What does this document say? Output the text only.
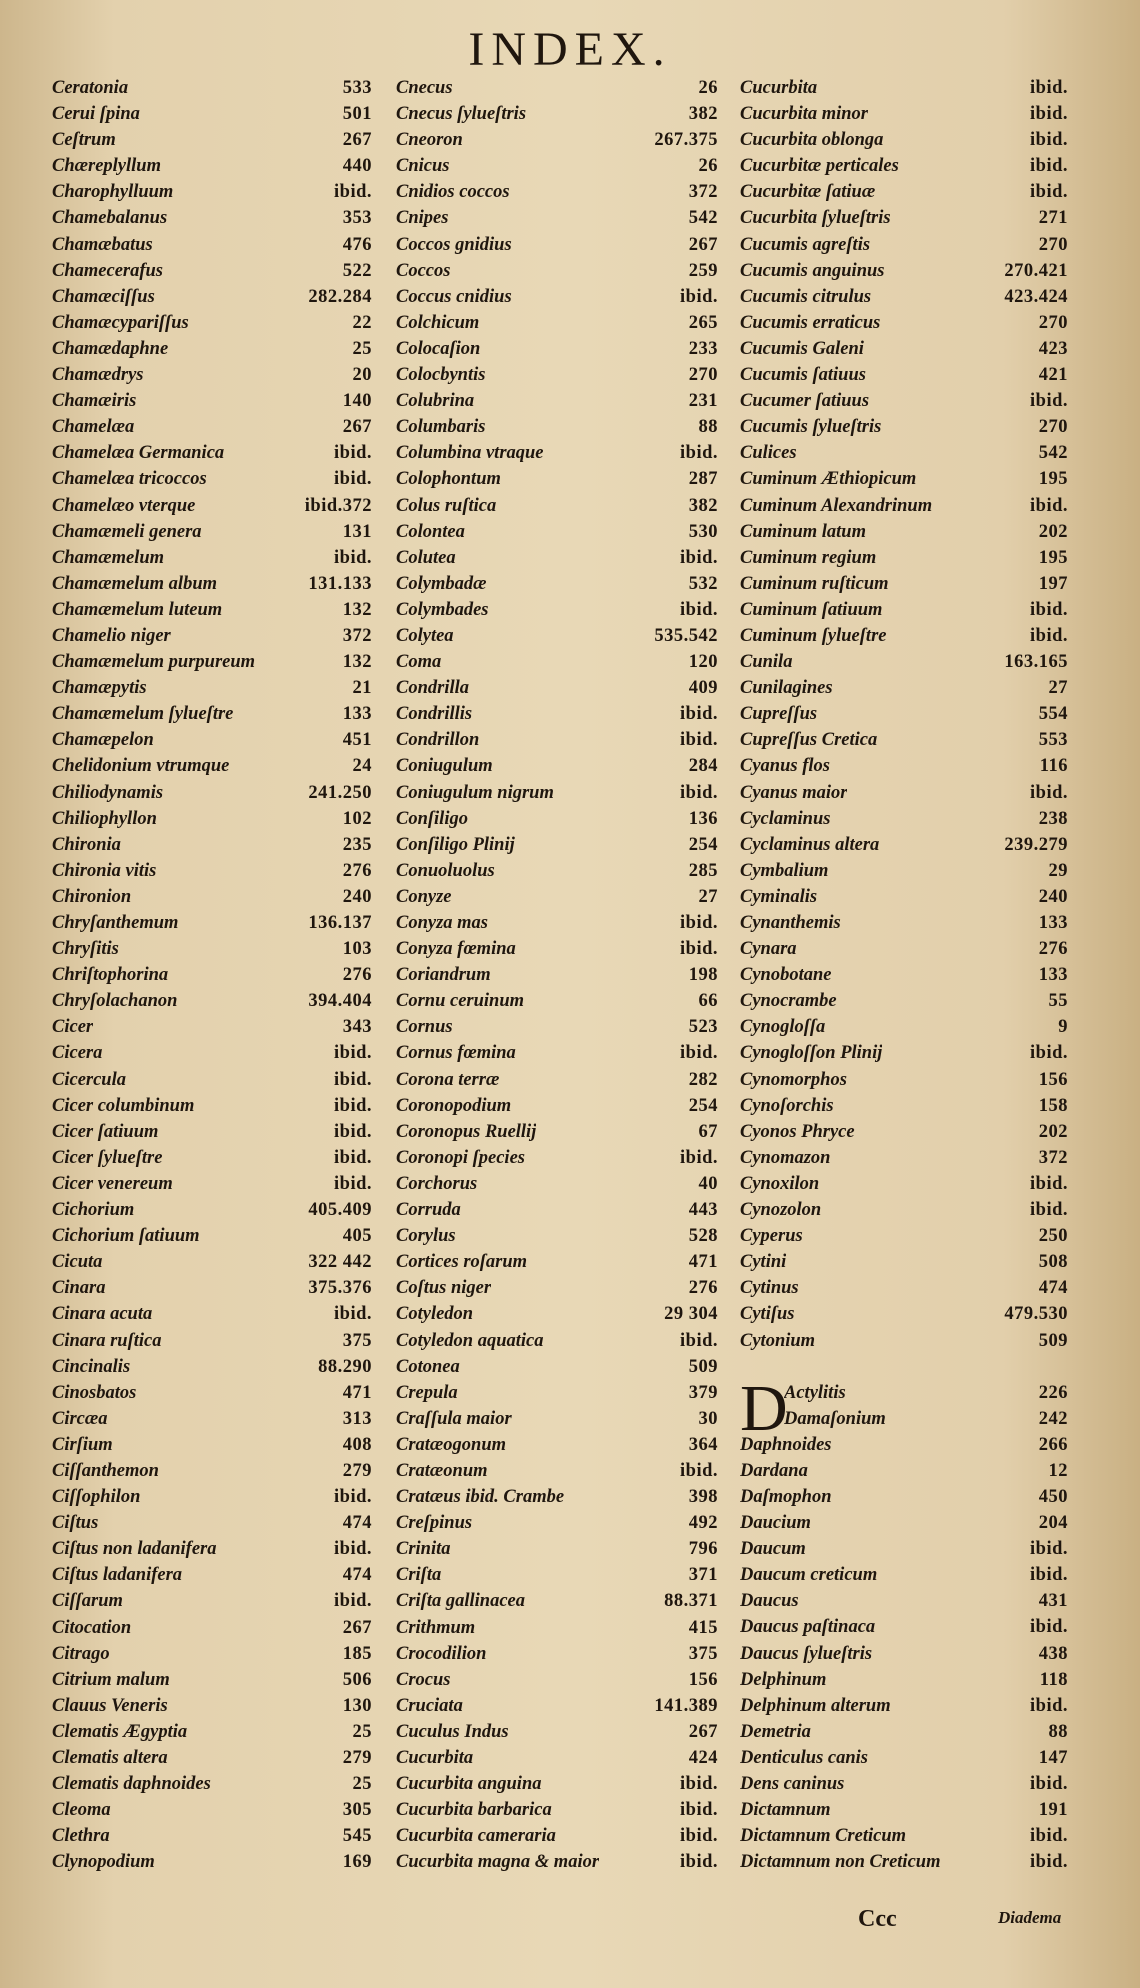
INDEX.
Ceratonia	533
Cerui ſpina	501
Ceſtrum	267
Chæreplyllum	440
Charophylluum	ibid.
Chamebalanus	353
Chamæbatus	476
Chamecerafus	522
Chamæciſſus	282.284
Chamæcypariſſus	22
Chamædaphne	25
Chamædrys	20
Chamæiris	140
Chamelæa	267
Chamelæa Germanica	ibid.
Chamelæa tricoccos	ibid.
Chamelæo vterque	ibid.372
Chamæmeli genera	131
Chamæmelum	ibid.
Chamæmelum album	131.133
Chamæmelum luteum	132
Chamelio niger	372
Chamæmelum purpureum	132
Chamæpytis	21
Chamæmelum ſylueſtre	133
Chamæpelon	451
Chelidonium vtrumque	24
Chiliodynamis	241.250
Chiliophyllon	102
Chironia	235
Chironia vitis	276
Chironion	240
Chryſanthemum	136.137
Chryſitis	103
Chriſtophorina	276
Chryſolachanon	394.404
Cicer	343
Cicera	ibid.
Cicercula	ibid.
Cicer columbinum	ibid.
Cicer ſatiuum	ibid.
Cicer ſylueſtre	ibid.
Cicer venereum	ibid.
Cichorium	405.409
Cichorium ſatiuum	405
Cicuta	322 442
Cinara	375.376
Cinara acuta	ibid.
Cinara ruſtica	375
Cincinalis	88.290
Cinosbatos	471
Circæa	313
Cirſium	408
Ciſſanthemon	279
Ciſſophilon	ibid.
Ciſtus	474
Ciſtus non ladanifera	ibid.
Ciſtus ladanifera	474
Ciſſarum	ibid.
Citocation	267
Citrago	185
Citrium malum	506
Clauus Veneris	130
Clematis Ægyptia	25
Clematis altera	279
Clematis daphnoides	25
Cleoma	305
Clethra	545
Clynopodium	169
Cnecus	26
Cnecus ſylueſtris	382
Cneoron	267.375
Cnicus	26
Cnidios coccos	372
Cnipes	542
Coccos gnidius	267
Coccos	259
Coccus cnidius	ibid.
Colchicum	265
Colocaſion	233
Colocbyntis	270
Colubrina	231
Columbaris	88
Columbina vtraque	ibid.
Colophontum	287
Colus ruſtica	382
Colontea	530
Colutea	ibid.
Colymbadæ	532
Colymbades	ibid.
Colytea	535.542
Coma	120
Condrilla	409
Condrillis	ibid.
Condrillon	ibid.
Coniugulum	284
Coniugulum nigrum	ibid.
Conſiligo	136
Conſiligo Plinij	254
Conuoluolus	285
Conyze	27
Conyza mas	ibid.
Conyza fœmina	ibid.
Coriandrum	198
Cornu ceruinum	66
Cornus	523
Cornus fœmina	ibid.
Corona terræ	282
Coronopodium	254
Coronopus Ruellij	67
Coronopi ſpecies	ibid.
Corchorus	40
Corruda	443
Corylus	528
Cortices roſarum	471
Coſtus niger	276
Cotyledon	29 304
Cotyledon aquatica	ibid.
Cotonea	509
Crepula	379
Craſſula maior	30
Cratæogonum	364
Cratæonum	ibid.
Cratæus ibid. Crambe	398
Creſpinus	492
Crinita	796
Criſta	371
Criſta gallinacea	88.371
Crithmum	415
Crocodilion	375
Crocus	156
Cruciata	141.389
Cuculus Indus	267
Cucurbita	424
Cucurbita anguina	ibid.
Cucurbita barbarica	ibid.
Cucurbita cameraria	ibid.
Cucurbita magna & maior	ibid.
Cucurbita	ibid.
Cucurbita minor	ibid.
Cucurbita oblonga	ibid.
Cucurbitæ perticales	ibid.
Cucurbitæ ſatiuæ	ibid.
Cucurbita ſylueſtris	271
Cucumis agreſtis	270
Cucumis anguinus	270.421
Cucumis citrulus	423.424
Cucumis erraticus	270
Cucumis Galeni	423
Cucumis ſatiuus	421
Cucumer ſatiuus	ibid.
Cucumis ſylueſtris	270
Culices	542
Cuminum Æthiopicum	195
Cuminum Alexandrinum	ibid.
Cuminum latum	202
Cuminum regium	195
Cuminum ruſticum	197
Cuminum ſatiuum	ibid.
Cuminum ſylueſtre	ibid.
Cunila	163.165
Cunilagines	27
Cupreſſus	554
Cupreſſus Cretica	553
Cyanus flos	116
Cyanus maior	ibid.
Cyclaminus	238
Cyclaminus altera	239.279
Cymbalium	29
Cyminalis	240
Cynanthemis	133
Cynara	276
Cynobotane	133
Cynocrambe	55
Cynogloſſa	9
Cynogloſſon Plinij	ibid.
Cynomorphos	156
Cynoſorchis	158
Cyonos Phryce	202
Cynomazon	372
Cynoxilon	ibid.
Cynozolon	ibid.
Cyperus	250
Cytini	508
Cytinus	474
Cytiſus	479.530
Cytonium	509
D
Actylitis	226
Damaſonium	242
Daphnoides	266
Dardana	12
Daſmophon	450
Daucium	204
Daucum	ibid.
Daucum creticum	ibid.
Daucus	431
Daucus paſtinaca	ibid.
Daucus ſylueſtris	438
Delphinum	118
Delphinum alterum	ibid.
Demetria	88
Denticulus canis	147
Dens caninus	ibid.
Dictamnum	191
Dictamnum Creticum	ibid.
Dictamnum non Creticum	ibid.
Ccc	Diadema
